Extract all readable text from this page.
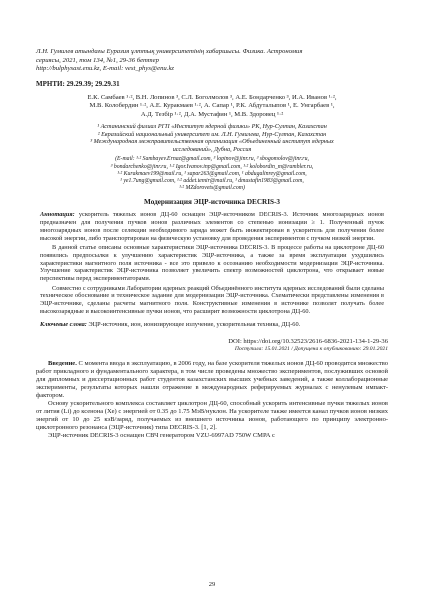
Л.Н. Гумилев атындағы Еуразия ұлттық университетінің хабаршысы. Физика. Астрономия
сериясы, 2021, том 134, №1, 29-36 беттер
http://bulphysast.enu.kz, E-mail: vest_phys@enu.kz
МРНТИ: 29.29.39; 29.29.31
Е.К. Самбаев ¹·², В.Н. Лопинов ³, С.Л. Боголмолов ³, А.Е. Бондарченко ³, И.А. Иванов ¹·²,
М.В. Колобердин ¹·², А.Е. Куракмаев ¹·², А. Сапар ¹, Р.К. Абдуталыпов ¹, Е. Унгарбаев ¹,
А.Д. Тезбір ¹·², Д.А. Мустафин ¹, М.В. Здоровец ¹·²
¹ Астанинский филиал РГП «Институт ядерной физики» РК, Нур-Султан, Казахстан
² Евразийский национальный университет им. Л.Н. Гумилева, Нур-Султан, Казахстан
³ Международная межправительственная организация «Объединенный институт ядерных
исследований», Дубна, Россия
(E-mail: ¹·² Sambayev.Ernaz@gmail.com, ³ lopinov@jinr.ru, ³ sbogomolov@jinr.ru,
³ bondarchenko@jinr.ru, ¹·² Igor.Ivanov.inp@gmail.com, ¹·² kolobordin_m@rambler.ru,
¹·² Kurakmaev199@mail.ru, ¹ sapar263@gmail.com, ¹ abdugalinrey@gmail.com,
¹ ye1.7ung@gmail.com, ¹·² addet.temir@mail.ru, ¹ dmustafin1983@gmail.com,
¹·² MZdorovets@gmail.com)
Модернизация ЭЦР-источника DECRIS-3

Аннотация: ускоритель тяжелых ионов ДЦ-60 оснащен ЭЦР-источником DECRIS-3. Источник многозарядных ионов предназначен для получения пучков ионов различных элементов со степенью ионизации ≥ 1. Полученный пучок многозарядных ионов после селекции необходимого заряда может быть инжектирован в ускоритель для получения более высокой энергии, либо транспортирован на физическую установку для проведения экспериментов с пучком низкой энергии.

В данной статье описаны основные характеристики ЭЦР-источника DECRIS-3. В процессе работы на циклотроне ДЦ-60 появились предпосылки к улучшению характеристик ЭЦР-источника, а также за время эксплуатации ухудшились характеристики магнитного поля источника - все это привело к осознанию необходимости модернизации ЭЦР-источника. Улучшение характеристик ЭЦР-источника позволяет увеличить спектр возможностей циклотрона, что открывает новые перспективы перед экспериментаторами.

Совместно с сотрудниками Лаборатории ядерных реакций Объединённого института ядерных исследований были сделаны техническое обоснование и техническое задание для модернизации ЭЦР-источника. Схематически представлены изменения в ЭЦР-источнике, сделаны расчеты магнитного поля. Конструктивные изменения в источнике позволят получать более высокозарядные и высокоинтенсивные пучки ионов, что расширит возможности циклотрона ДЦ-60.

Ключевые слова: ЭЦР-источник, ион, ионизирующее излучение, ускорительная техника, ДЦ-60.
DOI: https://doi.org/10.32523/2616-6836-2021-134-1-29-36
Поступила: 15.01.2021 / Допущена к опубликованию: 29.01.2021

Введение. С момента ввода в эксплуатацию, в 2006 году, на базе ускорителя тяжелых ионов ДЦ-60 проводится множество работ прикладного и фундаментального характера, в том числе проведены множество экспериментов, послуживших основой для дипломных и диссертационных работ студентов казахстанских высших учебных заведений, а также коллаборационные эксперименты, результаты которых нашли отражение в международных реферируемых журналах с ненулевым импакт-фактором.

Основу ускорительного комплекса составляет циклотрон ДЦ-60, способный ускорить интенсивные пучки тяжелых ионов от лития (Li) до ксенона (Xe) с энергией от 0.35 до 1.75 МэВ/нуклон. На ускорителе также имеется канал пучков ионов низких энергий от 10 до 25 кэВ/заряд, получаемых из внешнего источника ионов, работающего по принципу электронно-циклотронного резонанса (ЭЦР-источник) типа DECRIS-3. [1, 2].

ЭЦР-источник DECRIS-3 оснащен СВЧ генератором VZU-6997AD 750W СМРА с

29
